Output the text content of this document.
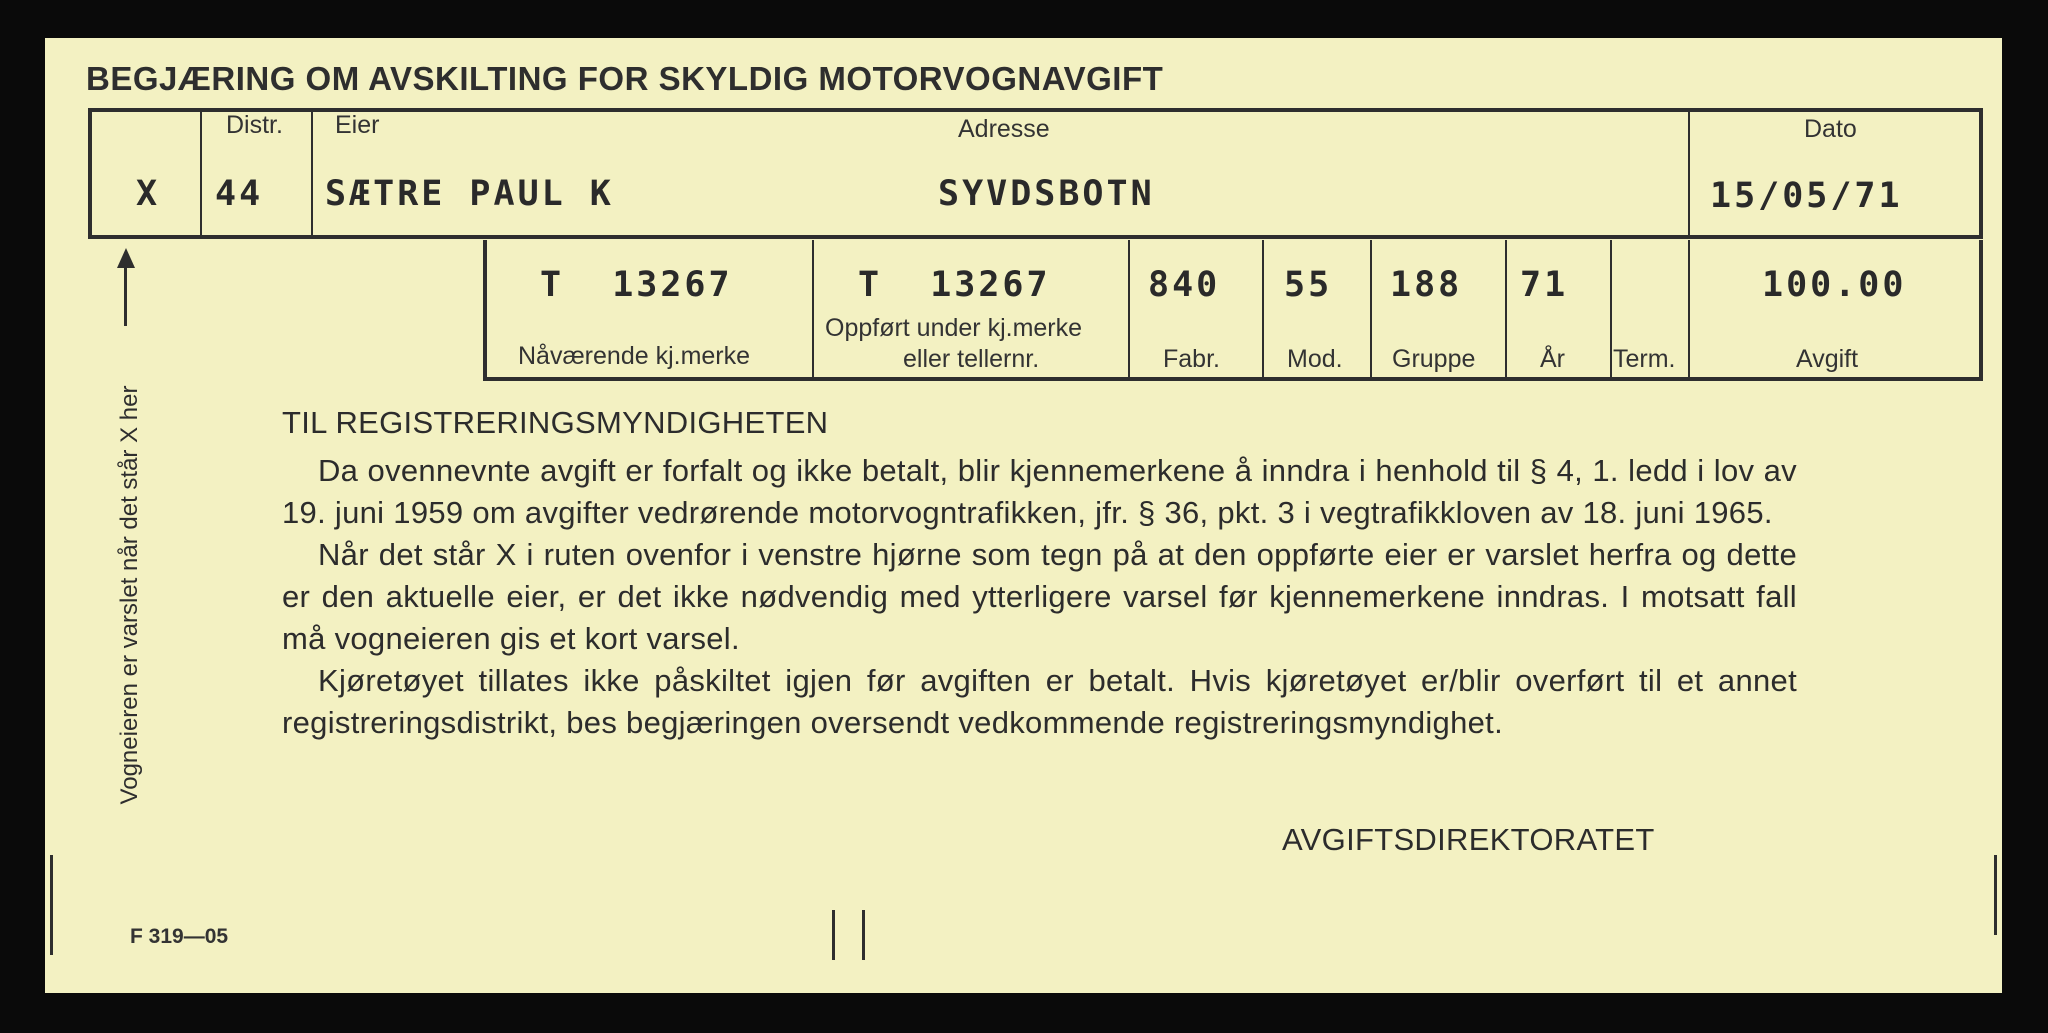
BEGJÆRING OM AVSKILTING FOR SKYLDIG MOTORVOGNAVGIFT
X
Distr.
44
Eier
SÆTRE PAUL K
Adresse
SYVDSBOTN
Dato
15/05/71
T  13267
Nåværende kj.merke
T  13267
Oppført under kj.merke
eller tellernr.
840
Fabr.
55
Mod.
188
Gruppe
71
År Term.
100.00
Avgift
Vogneieren er varslet når det står X her	TIL REGISTRERINGSMYNDIGHETEN

Da ovennevnte avgift er forfalt og ikke betalt, blir kjennemerkene å inndra i henhold til § 4, 1. ledd i lov av 19. juni 1959 om avgifter vedrørende motorvogntrafikken, jfr. § 36, pkt. 3 i vegtrafikkloven av 18. juni 1965.

Når det står X i ruten ovenfor i venstre hjørne som tegn på at den oppførte eier er varslet herfra og dette er den aktuelle eier, er det ikke nødvendig med ytterligere varsel før kjennemerkene inndras. I motsatt fall må vogneieren gis et kort varsel.

Kjøretøyet tillates ikke påskiltet igjen før avgiften er betalt. Hvis kjøretøyet er/blir overført til et annet registreringsdistrikt, bes begjæringen oversendt vedkommende registreringsmyndighet.

AVGIFTSDIREKTORATET
F 319—05
